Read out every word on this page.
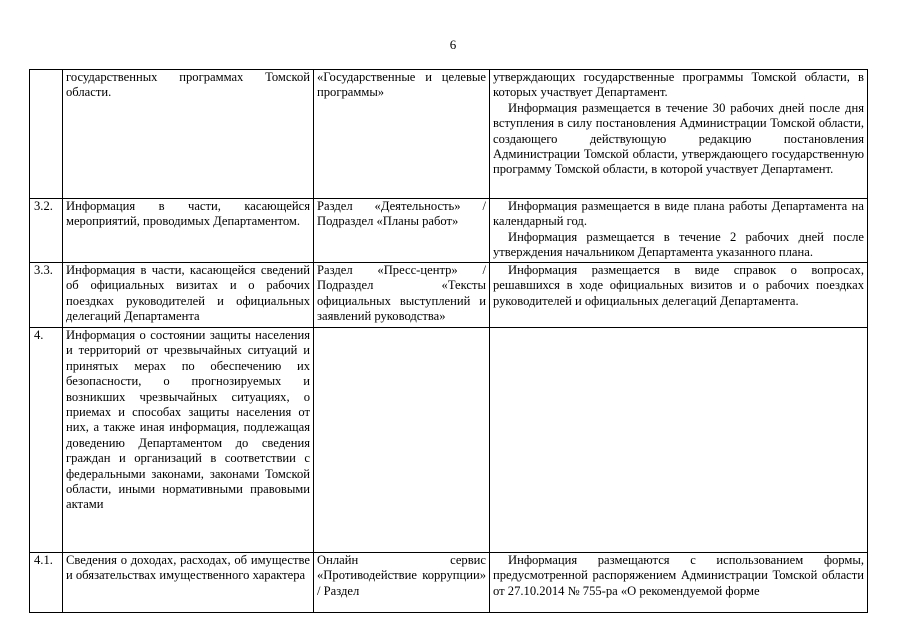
6
	государственных программах Томской области.	«Государственные и целевые программы»	утверждающих государственные программы Томской области, в которых участвует Департамент.
Информация размещается в течение 30 рабочих дней после дня вступления в силу постановления Администрации Томской области, создающего действующую редакцию постановления Администрации Томской области, утверждающего государственную программу Томской области, в которой участвует Департамент.

3.2.	Информация в части, касающейся мероприятий, проводимых Департаментом.	Раздел «Деятельность» / Подраздел «Планы работ»	Информация размещается в виде плана работы Департамента на календарный год.
Информация размещается в течение 2 рабочих дней после утверждения начальником Департамента указанного плана.

3.3.	Информация в части, касающейся сведений об официальных визитах и о рабочих поездках руководителей и официальных делегаций Департамента	Раздел «Пресс-центр» / Подраздел «Тексты официальных выступлений и заявлений руководства»	Информация размещается в виде справок о вопросах, решавшихся в ходе официальных визитов и о рабочих поездках руководителей и официальных делегаций Департамента.

4.	Информация о состоянии защиты населения и территорий от чрезвычайных ситуаций и принятых мерах по обеспечению их безопасности, о прогнозируемых и возникших чрезвычайных ситуациях, о приемах и способах защиты населения от них, а также иная информация, подлежащая доведению Департаментом до сведения граждан и организаций в соответствии с федеральными законами, законами Томской области, иными нормативными правовыми актами		
4.1.	Сведения о доходах, расходах, об имуществе и обязательствах имущественного характера	Онлайн сервис «Противодействие коррупции» / Раздел	Информация размещаются с использованием формы, предусмотренной распоряжением Администрации Томской области от 27.10.2014 № 755-ра «О рекомендуемой форме
